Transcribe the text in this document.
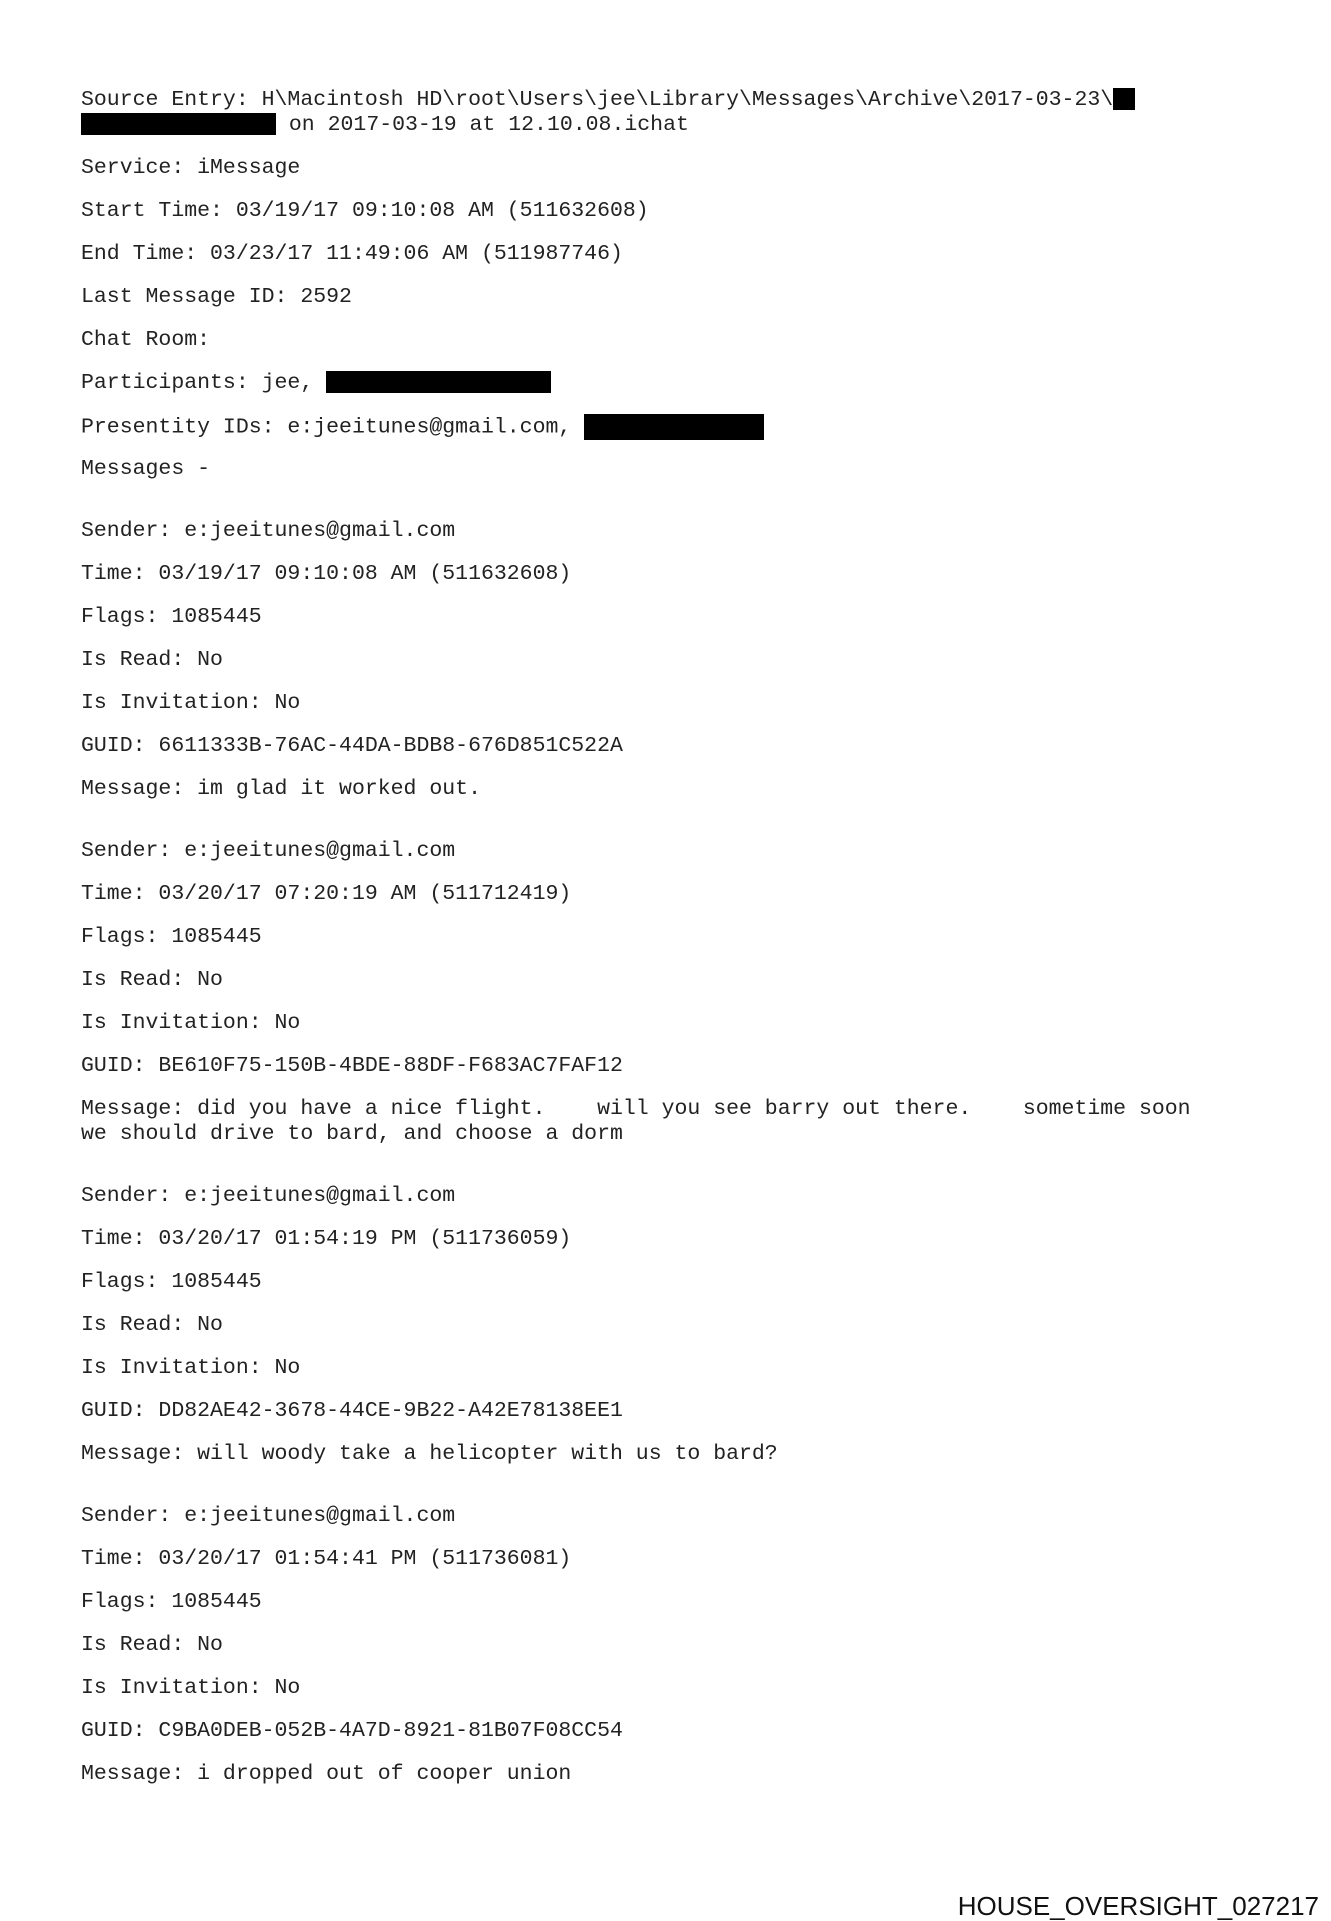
Source Entry: H\Macintosh HD\root\Users\jee\Library\Messages\Archive\2017-03-23\
on 2017-03-19 at 12.10.08.ichat
Service: iMessage
Start Time: 03/19/17 09:10:08 AM (511632608)
End Time: 03/23/17 11:49:06 AM (511987746)
Last Message ID: 2592
Chat Room:
Participants: jee,
Presentity IDs: e:jeeitunes@gmail.com,
Messages -
Sender: e:jeeitunes@gmail.com
Time: 03/19/17 09:10:08 AM (511632608)
Flags: 1085445
Is Read: No
Is Invitation: No
GUID: 6611333B-76AC-44DA-BDB8-676D851C522A
Message: im glad it worked out.
Sender: e:jeeitunes@gmail.com
Time: 03/20/17 07:20:19 AM (511712419)
Flags: 1085445
Is Read: No
Is Invitation: No
GUID: BE610F75-150B-4BDE-88DF-F683AC7FAF12
Message: did you have a nice flight.    will you see barry out there.    sometime soon
we should drive to bard, and choose a dorm
Sender: e:jeeitunes@gmail.com
Time: 03/20/17 01:54:19 PM (511736059)
Flags: 1085445
Is Read: No
Is Invitation: No
GUID: DD82AE42-3678-44CE-9B22-A42E78138EE1
Message: will woody take a helicopter with us to bard?
Sender: e:jeeitunes@gmail.com
Time: 03/20/17 01:54:41 PM (511736081)
Flags: 1085445
Is Read: No
Is Invitation: No
GUID: C9BA0DEB-052B-4A7D-8921-81B07F08CC54
Message: i dropped out of cooper union
HOUSE_OVERSIGHT_027217
